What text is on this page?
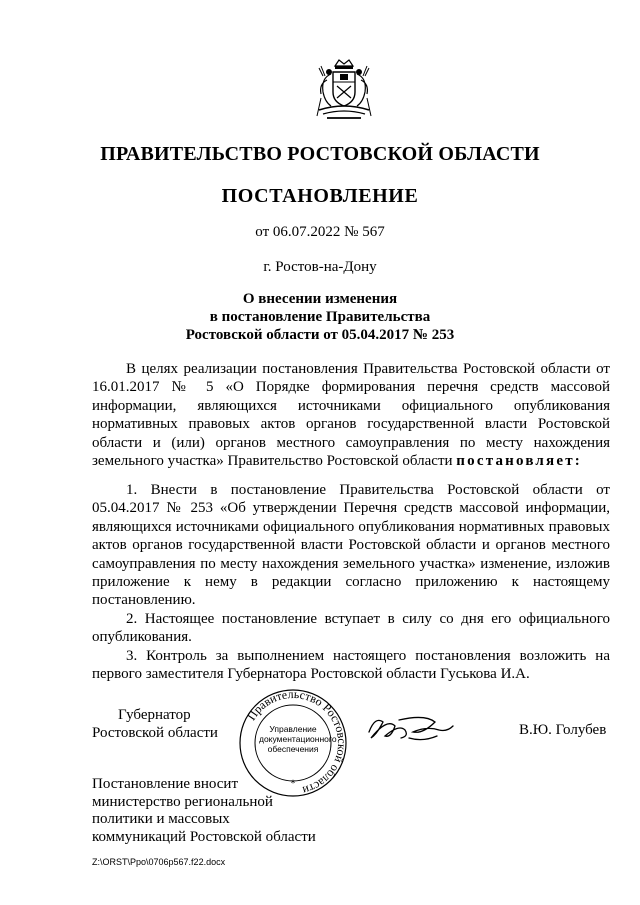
ПРАВИТЕЛЬСТВО РОСТОВСКОЙ ОБЛАСТИ
ПОСТАНОВЛЕНИЕ
от 06.07.2022 № 567
г. Ростов-на-Дону
О внесении изменения
в постановление Правительства
Ростовской области от 05.04.2017 № 253

В целях реализации постановления Правительства Ростовской области от 16.01.2017 № 5 «О Порядке формирования перечня средств массовой информации, являющихся источниками официального опубликования нормативных правовых актов органов государственной власти Ростовской области и (или) органов местного самоуправления по месту нахождения земельного участка» Правительство Ростовской области постановляет:

1. Внести в постановление Правительства Ростовской области от 05.04.2017 № 253 «Об утверждении Перечня средств массовой информации, являющихся источниками официального опубликования нормативных правовых актов органов государственной власти Ростовской области и органов местного самоуправления по месту нахождения земельного участка» изменение, изложив приложение к нему в редакции согласно приложению к настоящему постановлению.

2. Настоящее постановление вступает в силу со дня его официального опубликования.

3. Контроль за выполнением настоящего постановления возложить на первого заместителя Губернатора Ростовской области Гуськова И.А.

Губернатор
Ростовской области
Правительство Ростовской области
Управление документационного обеспечения
*
В.Ю. Голубев
Постановление вносит
министерство региональной
политики и массовых
коммуникаций Ростовской области
Z:\ORST\Ppo\0706p567.f22.docx
